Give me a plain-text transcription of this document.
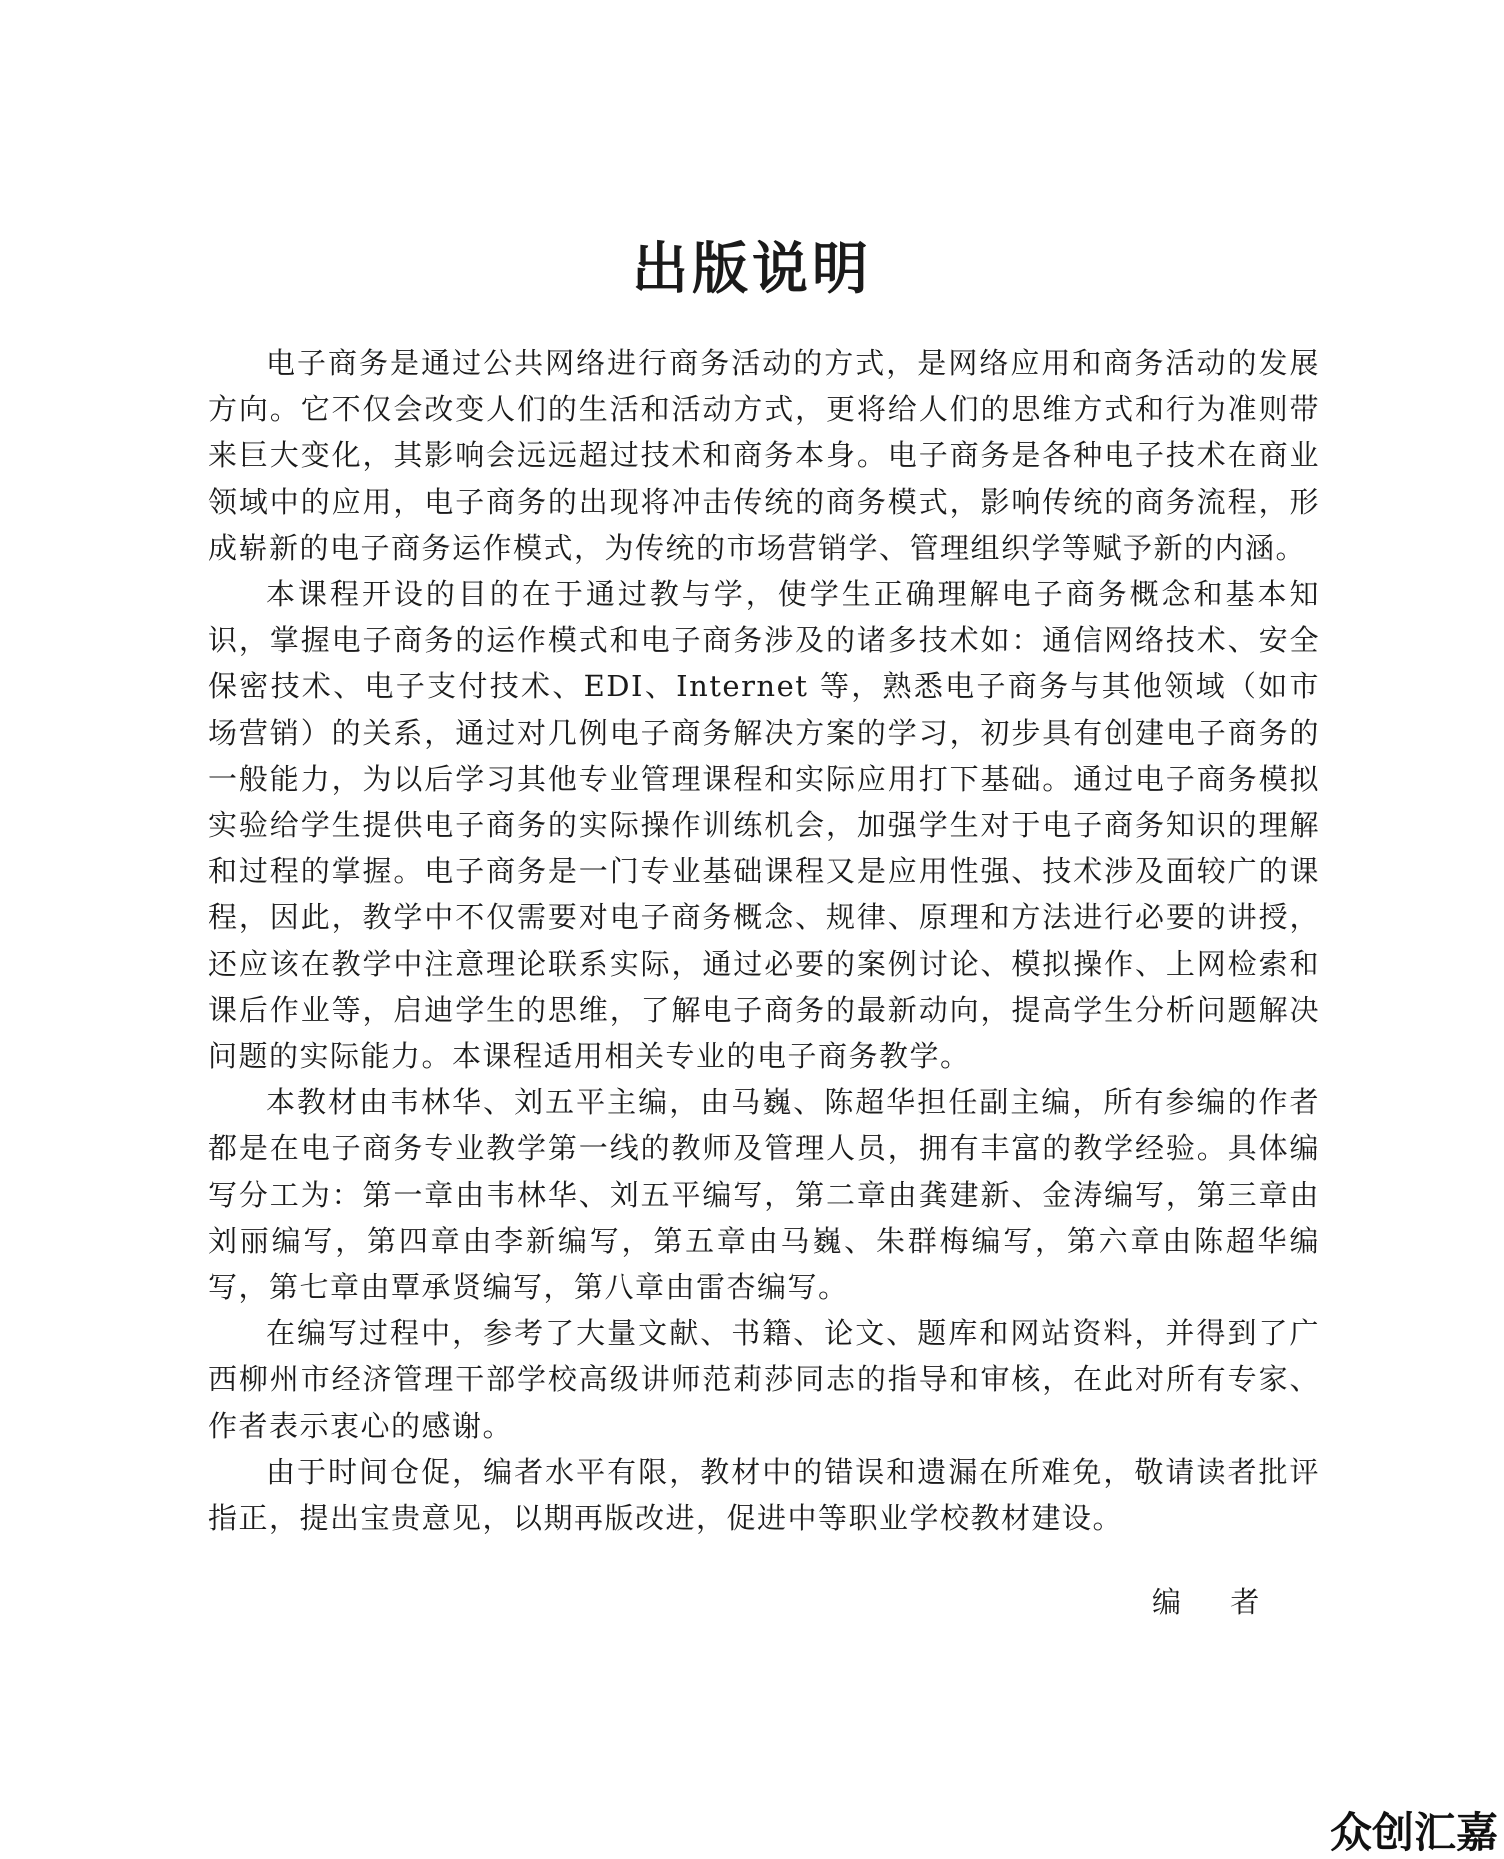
出版说明

电子商务是通过公共网络进行商务活动的方式，是网络应用和商务活动的发展方向。它不仅会改变人们的生活和活动方式，更将给人们的思维方式和行为准则带来巨大变化，其影响会远远超过技术和商务本身。电子商务是各种电子技术在商业领域中的应用，电子商务的出现将冲击传统的商务模式，影响传统的商务流程，形成崭新的电子商务运作模式，为传统的市场营销学、管理组织学等赋予新的内涵。

本课程开设的目的在于通过教与学，使学生正确理解电子商务概念和基本知识，掌握电子商务的运作模式和电子商务涉及的诸多技术如：通信网络技术、安全保密技术、电子支付技术、EDI、Internet 等，熟悉电子商务与其他领域（如市场营销）的关系，通过对几例电子商务解决方案的学习，初步具有创建电子商务的一般能力，为以后学习其他专业管理课程和实际应用打下基础。通过电子商务模拟实验给学生提供电子商务的实际操作训练机会，加强学生对于电子商务知识的理解和过程的掌握。电子商务是一门专业基础课程又是应用性强、技术涉及面较广的课程，因此，教学中不仅需要对电子商务概念、规律、原理和方法进行必要的讲授，还应该在教学中注意理论联系实际，通过必要的案例讨论、模拟操作、上网检索和课后作业等，启迪学生的思维，了解电子商务的最新动向，提高学生分析问题解决问题的实际能力。本课程适用相关专业的电子商务教学。

本教材由韦林华、刘五平主编，由马巍、陈超华担任副主编，所有参编的作者都是在电子商务专业教学第一线的教师及管理人员，拥有丰富的教学经验。具体编写分工为：第一章由韦林华、刘五平编写，第二章由龚建新、金涛编写，第三章由刘丽编写，第四章由李新编写，第五章由马巍、朱群梅编写，第六章由陈超华编写，第七章由覃承贤编写，第八章由雷杏编写。

在编写过程中，参考了大量文献、书籍、论文、题库和网站资料，并得到了广西柳州市经济管理干部学校高级讲师范莉莎同志的指导和审核，在此对所有专家、作者表示衷心的感谢。

由于时间仓促，编者水平有限，教材中的错误和遗漏在所难免，敬请读者批评指正，提出宝贵意见，以期再版改进，促进中等职业学校教材建设。

编 者
众创汇嘉
